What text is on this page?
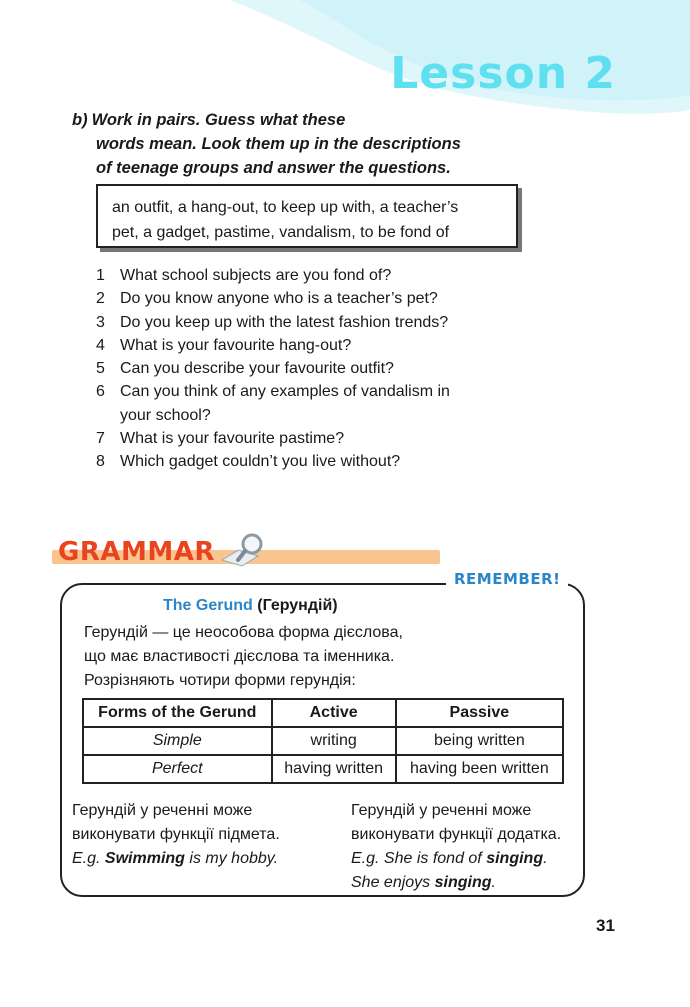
Lesson 2
b) Work in pairs. Guess what these
words mean. Look them up in the descriptions
of teenage groups and answer the questions.
an outfit, a hang-out, to keep up with, a teacher’s
pet, a gadget, pastime, vandalism, to be fond of
1 What school subjects are you fond of?
2 Do you know anyone who is a teacher’s pet?
3 Do you keep up with the latest fashion trends?
4 What is your favourite hang-out?
5 Can you describe your favourite outfit?
6 Can you think of any examples of vandalism in
your school?
7 What is your favourite pastime?
8 Which gadget couldn’t you live without?
GRAMMAR
REMEMBER!
The Gerund (Герундій)
Герундій — це неособова форма дієслова,
що має властивості дієслова та іменника.
Розрізняють чотири форми герундія:
Forms of the Gerund	Active	Passive
Simple	writing	being written
Perfect	having written	having been written
Герундій у реченні може
виконувати функції підмета.
E.g. Swimming is my hobby.
Герундій у реченні може
виконувати функції додатка.
E.g. She is fond of singing.
She enjoys singing.
31
